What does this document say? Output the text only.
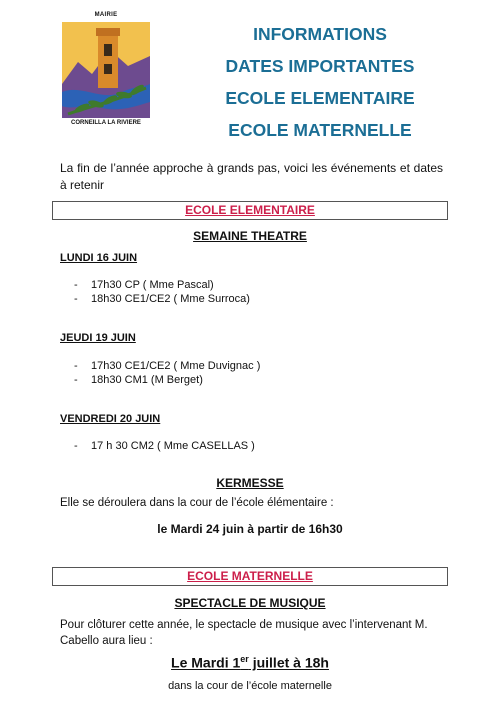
MAIRIE
CORNEILLA LA RIVIERE
INFORMATIONS
DATES IMPORTANTES
ECOLE ELEMENTAIRE
ECOLE MATERNELLE
La fin de l’année approche à grands pas, voici les événements et dates à retenir
ECOLE ELEMENTAIRE
SEMAINE THEATRE
LUNDI 16 JUIN
- 17h30 CP ( Mme Pascal)
- 18h30 CE1/CE2 ( Mme Surroca)
JEUDI 19 JUIN
- 17h30 CE1/CE2 ( Mme Duvignac )
- 18h30 CM1 (M Berget)
VENDREDI 20 JUIN
- 17 h 30 CM2 ( Mme CASELLAS )
KERMESSE
Elle se déroulera dans la cour de l’école élémentaire :
le Mardi 24 juin à partir de 16h30
ECOLE MATERNELLE
SPECTACLE DE MUSIQUE
Pour clôturer cette année, le spectacle de musique avec l’intervenant M. Cabello aura lieu :
Le Mardi 1er juillet à 18h
dans la cour de l’école maternelle
